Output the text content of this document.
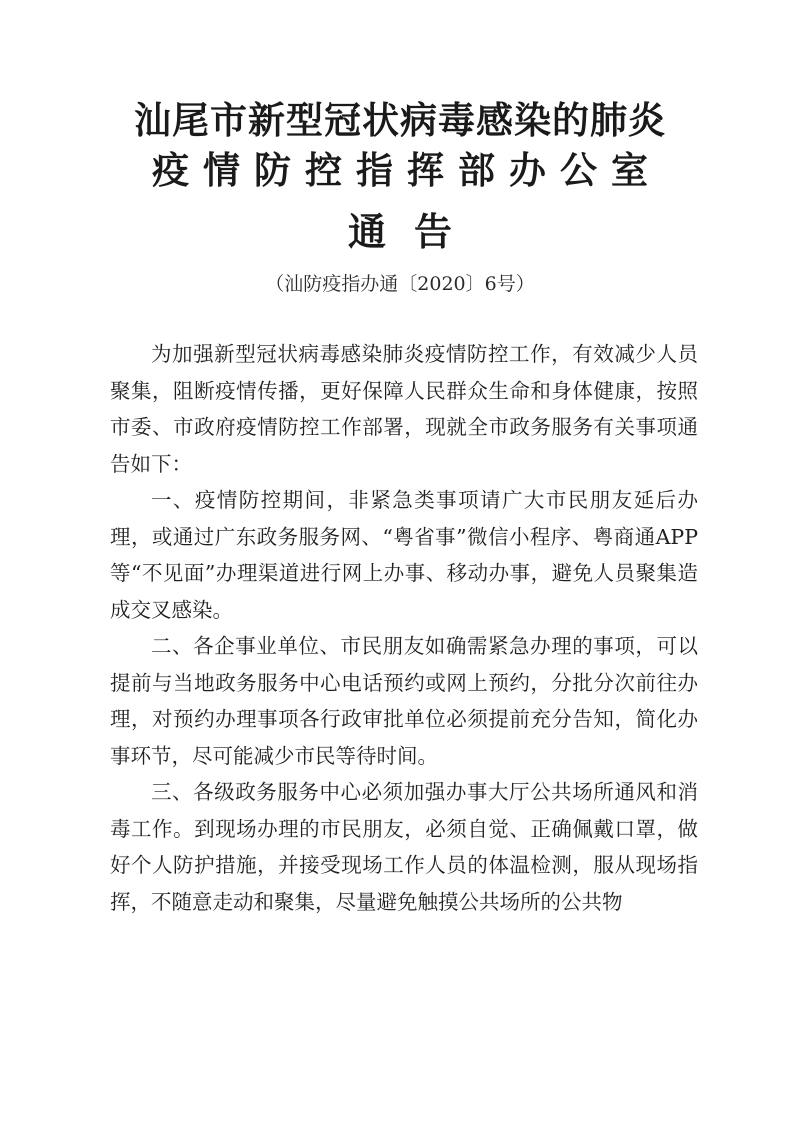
汕尾市新型冠状病毒感染的肺炎
疫情防控指挥部办公室
通告
（汕防疫指办通〔2020〕6号）

为加强新型冠状病毒感染肺炎疫情防控工作，有效减少人员聚集，阻断疫情传播，更好保障人民群众生命和身体健康，按照市委、市政府疫情防控工作部署，现就全市政务服务有关事项通告如下：

一、疫情防控期间，非紧急类事项请广大市民朋友延后办理，或通过广东政务服务网、“粤省事”微信小程序、粤商通APP等“不见面”办理渠道进行网上办事、移动办事，避免人员聚集造成交叉感染。

二、各企事业单位、市民朋友如确需紧急办理的事项，可以提前与当地政务服务中心电话预约或网上预约，分批分次前往办理，对预约办理事项各行政审批单位必须提前充分告知，简化办事环节，尽可能减少市民等待时间。

三、各级政务服务中心必须加强办事大厅公共场所通风和消毒工作。到现场办理的市民朋友，必须自觉、正确佩戴口罩，做好个人防护措施，并接受现场工作人员的体温检测，服从现场指挥，不随意走动和聚集，尽量避免触摸公共场所的公共物
